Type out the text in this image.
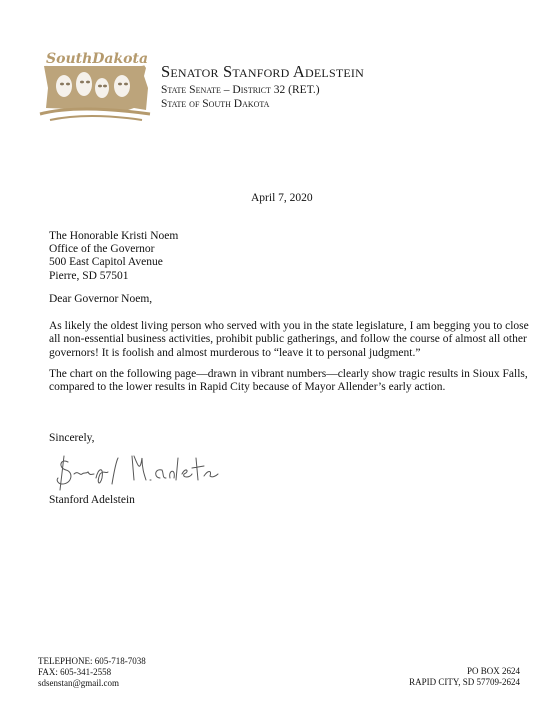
SouthDakota
Senator Stanford Adelstein
State Senate – District 32 (RET.)
State of South Dakota
April 7, 2020
The Honorable Kristi Noem
Office of the Governor
500 East Capitol Avenue
Pierre, SD 57501
Dear Governor Noem,
As likely the oldest living person who served with you in the state legislature, I am begging you to close all non-essential business activities, prohibit public gatherings, and follow the course of almost all other governors! It is foolish and almost murderous to “leave it to personal judgment.”
The chart on the following page—drawn in vibrant numbers—clearly show tragic results in Sioux Falls, compared to the lower results in Rapid City because of Mayor Allender’s early action.
Sincerely,
Stanford Adelstein
TELEPHONE: 605-718-7038
FAX: 605-341-2558
sdsenstan@gmail.com
PO BOX 2624
RAPID CITY, SD 57709-2624
